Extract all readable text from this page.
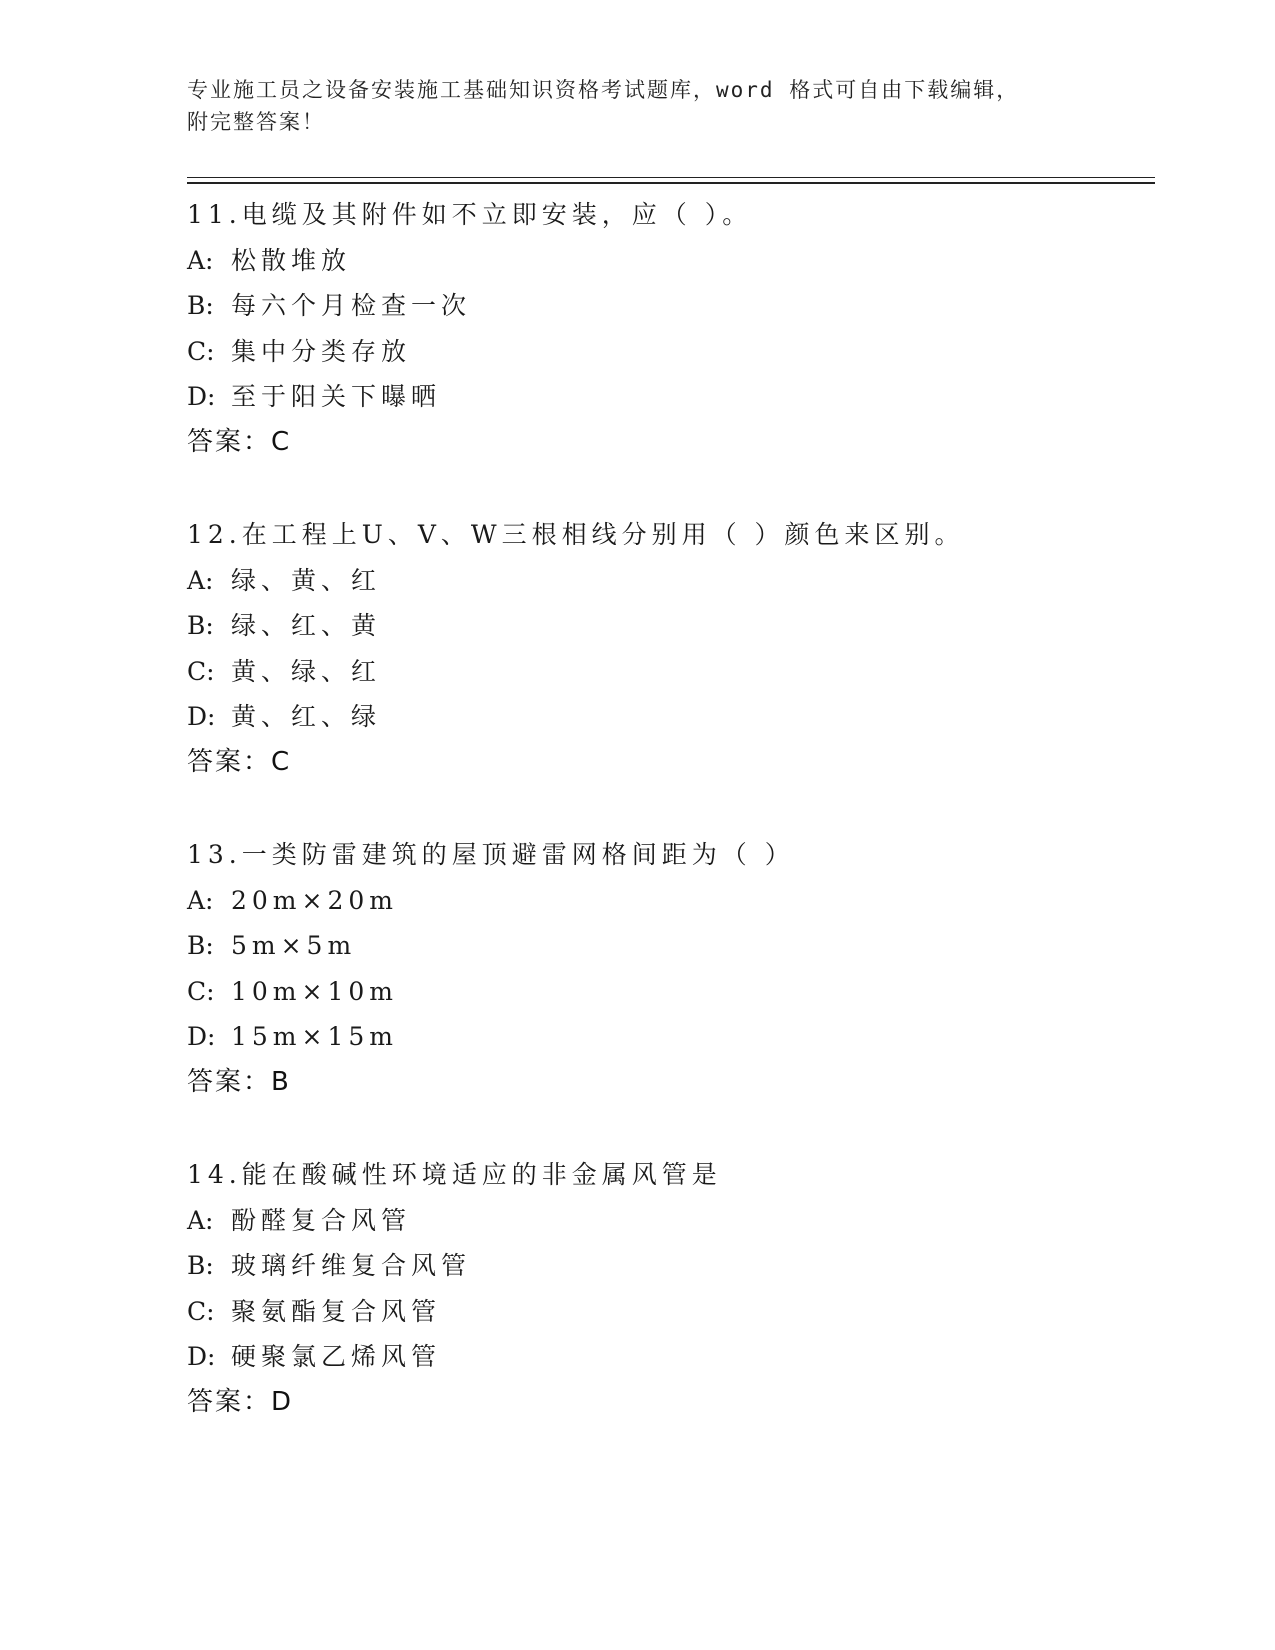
专业施工员之设备安装施工基础知识资格考试题库，word 格式可自由下载编辑，
附完整答案！
11.电缆及其附件如不立即安装，应（ ）。
A: 松散堆放
B: 每六个月检查一次
C: 集中分类存放
D: 至于阳关下曝晒
答案：C
12.在工程上U、V、W三根相线分别用（ ）颜色来区别。
A: 绿、黄、红
B: 绿、红、黄
C: 黄、绿、红
D: 黄、红、绿
答案：C
13.一类防雷建筑的屋顶避雷网格间距为（ ）
A: 20m×20m
B: 5m×5m
C: 10m×10m
D: 15m×15m
答案：B
14.能在酸碱性环境适应的非金属风管是
A: 酚醛复合风管
B: 玻璃纤维复合风管
C: 聚氨酯复合风管
D: 硬聚氯乙烯风管
答案：D
